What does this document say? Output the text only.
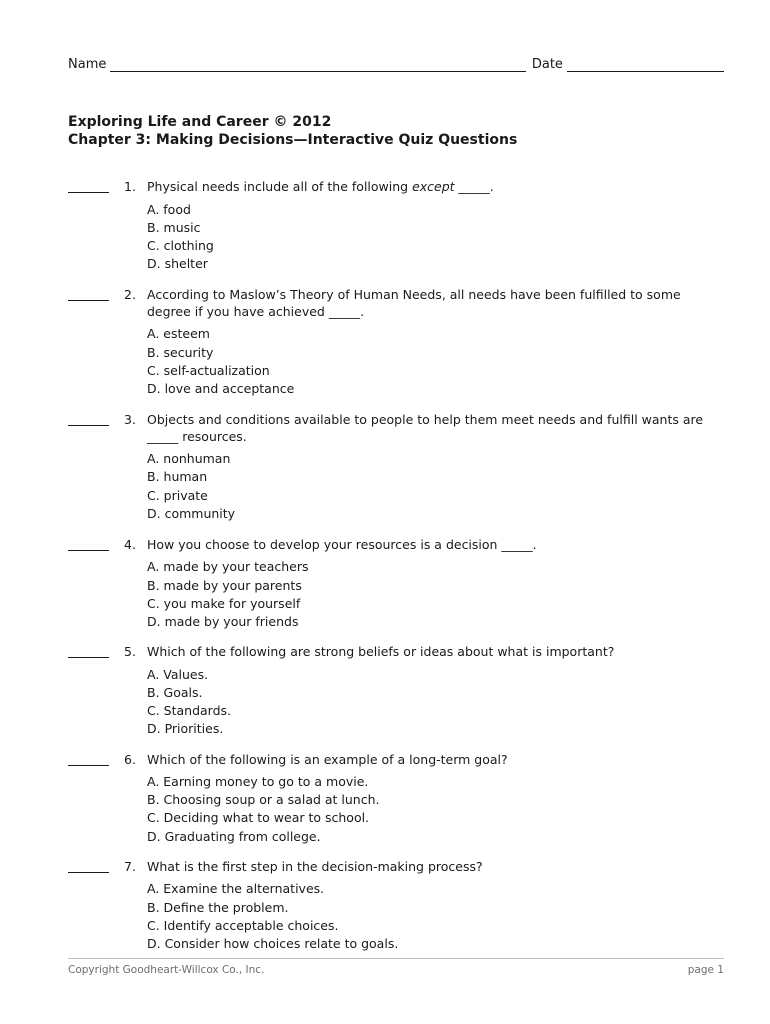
Name	Date
Exploring Life and Career © 2012
Chapter 3: Making Decisions—Interactive Quiz Questions
1. Physical needs include all of the following except _____.
A. food
B. music
C. clothing
D. shelter
2. According to Maslow’s Theory of Human Needs, all needs have been fulfilled to some degree if you have achieved _____.
A. esteem
B. security
C. self-actualization
D. love and acceptance
3. Objects and conditions available to people to help them meet needs and fulfill wants are _____ resources.
A. nonhuman
B. human
C. private
D. community
4. How you choose to develop your resources is a decision _____.
A. made by your teachers
B. made by your parents
C. you make for yourself
D. made by your friends
5. Which of the following are strong beliefs or ideas about what is important?
A. Values.
B. Goals.
C. Standards.
D. Priorities.
6. Which of the following is an example of a long-term goal?
A. Earning money to go to a movie.
B. Choosing soup or a salad at lunch.
C. Deciding what to wear to school.
D. Graduating from college.
7. What is the first step in the decision-making process?
A. Examine the alternatives.
B. Define the problem.
C. Identify acceptable choices.
D. Consider how choices relate to goals.
Copyright Goodheart-Willcox Co., Inc.	page 1
